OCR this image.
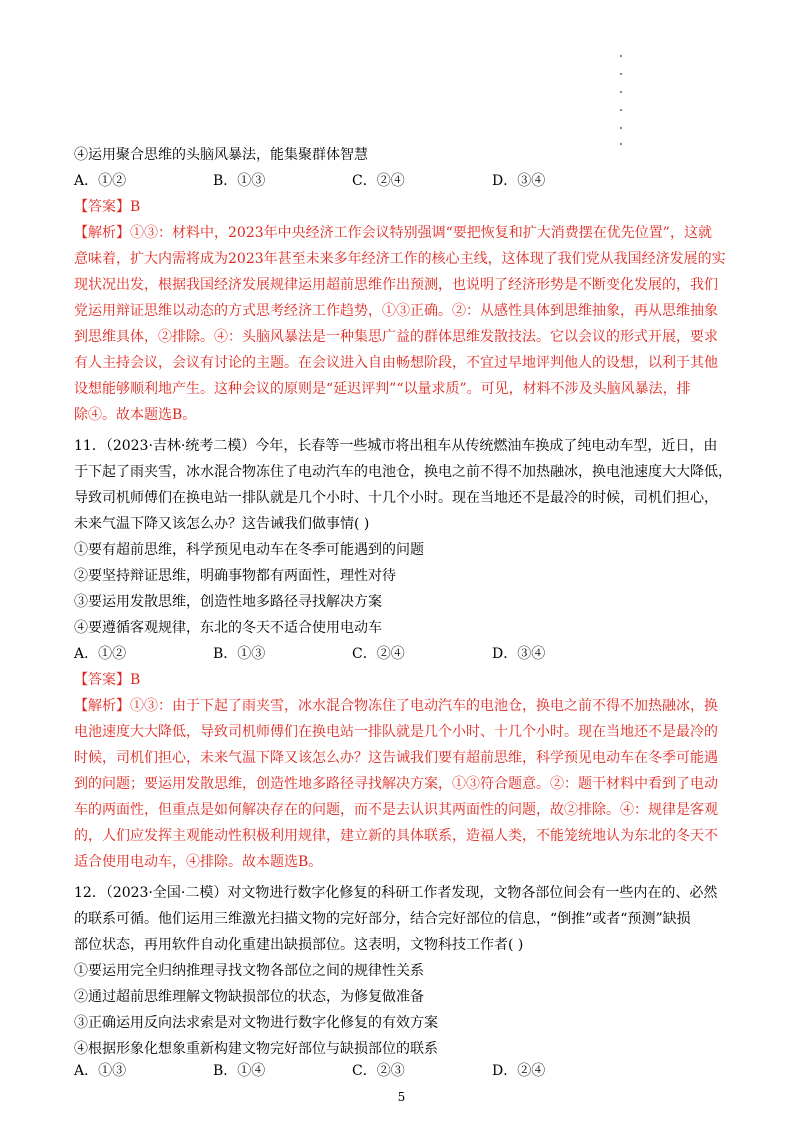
④运用聚合思维的头脑风暴法，能集聚群体智慧
A．①②	B．①③	C．②④	D．③④
【答案】B
【解析】①③：材料中，2023年中央经济工作会议特别强调“要把恢复和扩大消费摆在优先位置”，这就
意味着，扩大内需将成为2023年甚至未来多年经济工作的核心主线，这体现了我们党从我国经济发展的实
现状况出发，根据我国经济发展规律运用超前思维作出预测，也说明了经济形势是不断变化发展的，我们
党运用辩证思维以动态的方式思考经济工作趋势，①③正确。②：从感性具体到思维抽象，再从思维抽象
到思维具体，②排除。④：头脑风暴法是一种集思广益的群体思维发散技法。它以会议的形式开展，要求
有人主持会议，会议有讨论的主题。在会议进入自由畅想阶段，不宜过早地评判他人的设想，以利于其他
设想能够顺利地产生。这种会议的原则是“延迟评判”“以量求质”。可见，材料不涉及头脑风暴法，排
除④。故本题选B。
11．（2023·吉林·统考二模）今年，长春等一些城市将出租车从传统燃油车换成了纯电动车型，近日，由
于下起了雨夹雪，冰水混合物冻住了电动汽车的电池仓，换电之前不得不加热融冰，换电池速度大大降低，
导致司机师傅们在换电站一排队就是几个小时、十几个小时。现在当地还不是最冷的时候，司机们担心，
未来气温下降又该怎么办？这告诫我们做事情( )
①要有超前思维，科学预见电动车在冬季可能遇到的问题
②要坚持辩证思维，明确事物都有两面性，理性对待
③要运用发散思维，创造性地多路径寻找解决方案
④要遵循客观规律，东北的冬天不适合使用电动车
A．①②	B．①③	C．②④	D．③④
【答案】B
【解析】①③：由于下起了雨夹雪，冰水混合物冻住了电动汽车的电池仓，换电之前不得不加热融冰，换
电池速度大大降低，导致司机师傅们在换电站一排队就是几个小时、十几个小时。现在当地还不是最冷的
时候，司机们担心，未来气温下降又该怎么办？这告诫我们要有超前思维，科学预见电动车在冬季可能遇
到的问题；要运用发散思维，创造性地多路径寻找解决方案，①③符合题意。②：题干材料中看到了电动
车的两面性，但重点是如何解决存在的问题，而不是去认识其两面性的问题，故②排除。④：规律是客观
的，人们应发挥主观能动性积极利用规律，建立新的具体联系，造福人类，不能笼统地认为东北的冬天不
适合使用电动车，④排除。故本题选B。
12．（2023·全国·二模）对文物进行数字化修复的科研工作者发现，文物各部位间会有一些内在的、必然
的联系可循。他们运用三维激光扫描文物的完好部分，结合完好部位的信息，“倒推”或者“预测”缺损
部位状态，再用软件自动化重建出缺损部位。这表明，文物科技工作者( )
①要运用完全归纳推理寻找文物各部位之间的规律性关系
②通过超前思维理解文物缺损部位的状态，为修复做准备
③正确运用反向法求索是对文物进行数字化修复的有效方案
④根据形象化想象重新构建文物完好部位与缺损部位的联系
5
A．①③	B．①④	C．②③	D．②④
